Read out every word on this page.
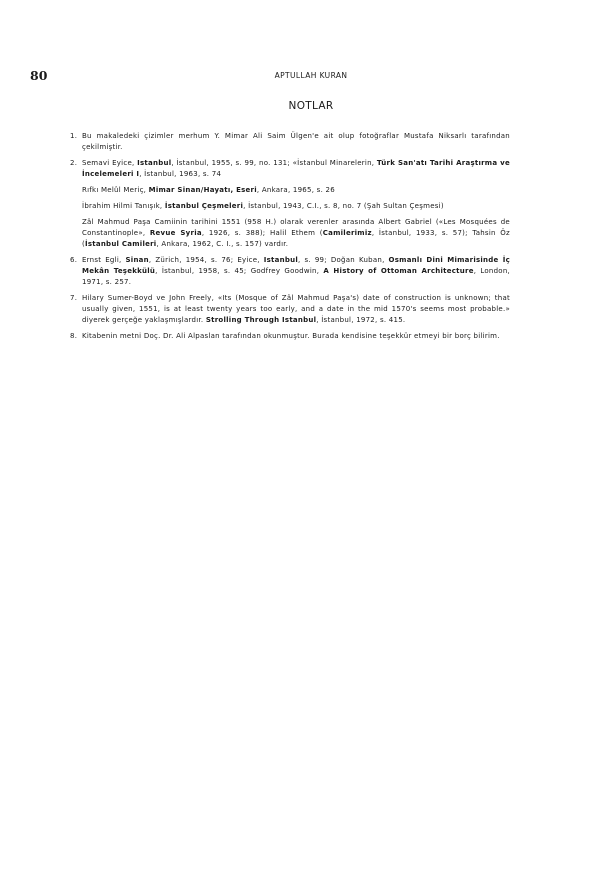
80	APTULLAH KURAN
NOTLAR
1. Bu makaledeki çizimler merhum Y. Mimar Ali Saim Ülgen'e ait olup fotoğraflar Mustafa Niksarlı tarafından çekilmiştir.
2. Semavi Eyice, Istanbul, İstanbul, 1955, s. 99, no. 131; «İstanbul Minarelerin, Türk San'atı Tarihi Araştırma ve İncelemeleri I, İstanbul, 1963, s. 74
Rıfkı Melûl Meriç, Mimar Sinan/Hayatı, Eseri, Ankara, 1965, s. 26
İbrahim Hilmi Tanışık, İstanbul Çeşmeleri, İstanbul, 1943, C.I., s. 8, no. 7 (Şah Sultan Çeşmesi)
Zâl Mahmud Paşa Camiinin tarihini 1551 (958 H.) olarak verenler arasında Albert Gabriel («Les Mosquées de Constantinople», Revue Syria, 1926, s. 388); Halil Ethem (Camilerimiz, İstanbul, 1933, s. 57); Tahsin Öz (İstanbul Camileri, Ankara, 1962, C. I., s. 157) vardır.
6. Ernst Egli, Sinan, Zürich, 1954, s. 76; Eyice, Istanbul, s. 99; Doğan Kuban, Osmanlı Dini Mimarisinde İç Mekân Teşekkülü, İstanbul, 1958, s. 45; Godfrey Goodwin, A History of Ottoman Architecture, London, 1971, s. 257.
7. Hilary Sumer-Boyd ve John Freely, «Its (Mosque of Zâl Mahmud Paşa's) date of construction is unknown; that usually given, 1551, is at least twenty years too early, and a date in the mid 1570's seems most probable.» diyerek gerçeğe yaklaşmışlardır. Strolling Through Istanbul, İstanbul, 1972, s. 415.
8. Kitabenin metni Doç. Dr. Ali Alpaslan tarafından okunmuştur. Burada kendisine teşekkür etmeyi bir borç bilirim.
